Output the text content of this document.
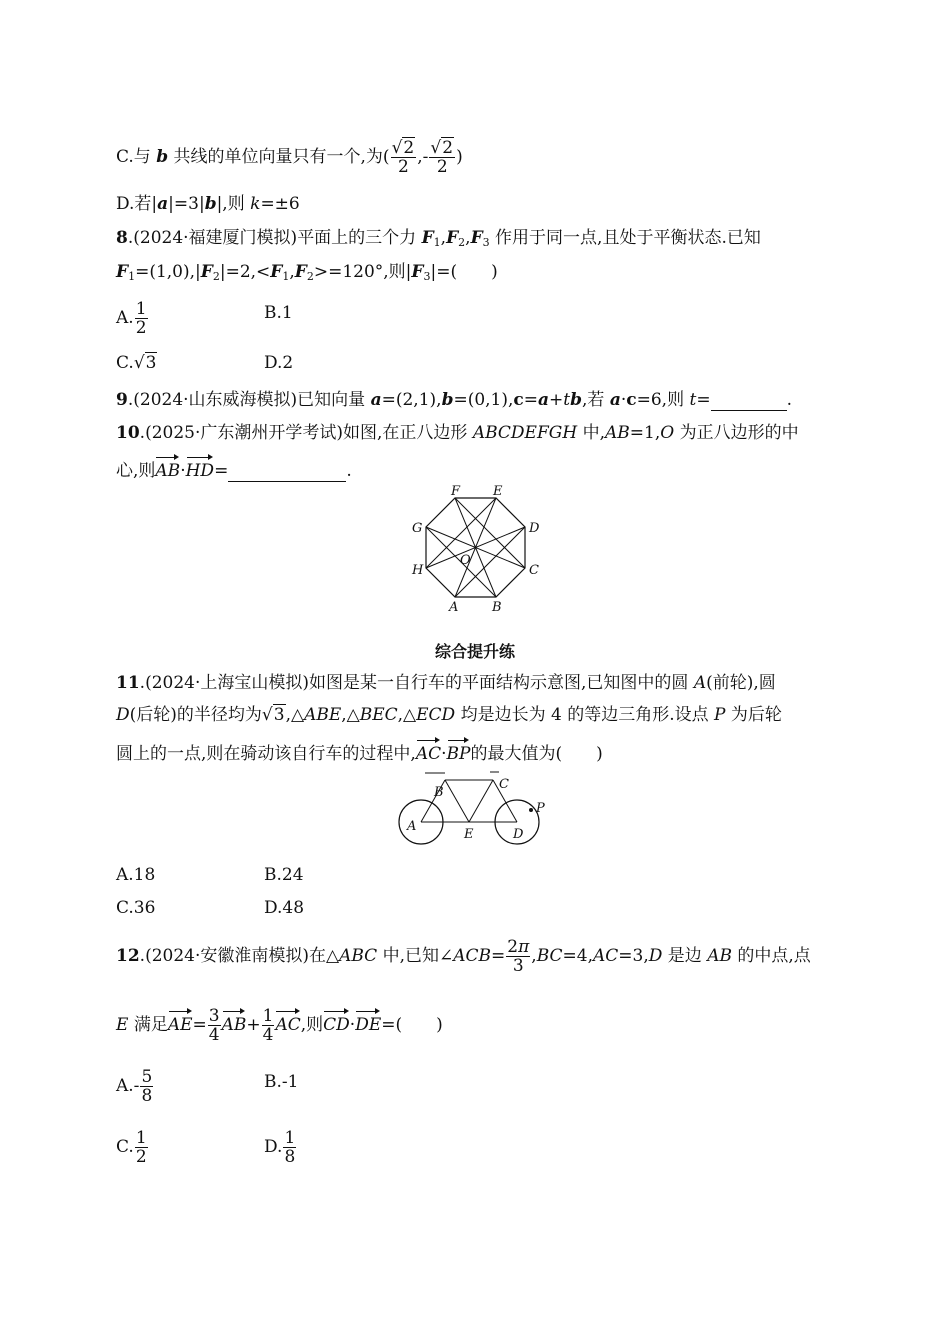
C.与 b 共线的单位向量只有一个,为( $\frac{√2}{2}$ ,- $\frac{√2}{2}$ )
D.若|a|=3|b|,则 k=±6
8.(2024·福建厦门模拟)平面上的三个力 $F_1,F_2,F_3$ 作用于同一点,且处于平衡状态.已知
$F_1=(1,0),|F_2|=2,<F_1,F_2>=120^\circ$,则$|F_3|=$( )
A. $\frac{1}{2}$	B.1
C.√3	D.2
9.(2024·山东威海模拟)已知向量 a=(2,1),b=(0,1),c=a+tb,若 a·c=6,则 t=	.
10.(2025·广东潮州开学考试)如图,在正八边形 ABCDEFGH 中,AB=1,O 为正八边形的中
心,则AB·HD=	.
F	E
G	D
O
H	C
A	B
综合提升练
11.(2024·上海宝山模拟)如图是某一自行车的平面结构示意图,已知图中的圆 A(前轮),圆
D(后轮)的半径均为√3,△ABE,△BEC,△ECD 均是边长为 4 的等边三角形.设点 P 为后轮
圆上的一点,则在骑动该自行车的过程中,AC·BP的最大值为( )
B
C
P
A
E	D
A.18	B.24
C.36	D.48
12.(2024·安徽淮南模拟)在△ABC 中,已知∠ACB= $\frac{2\pi}{3} ,BC=4,AC=3,D$ 是边 AB 的中点,点
E 满足$AE= \frac{3}{4} AB+ \frac{1}{4}$ AC,则CD·DE=( )
$A.- \frac{5}{8}$	B.-1
C. $\frac{1}{2}$	D. $\frac{1}{8}$
